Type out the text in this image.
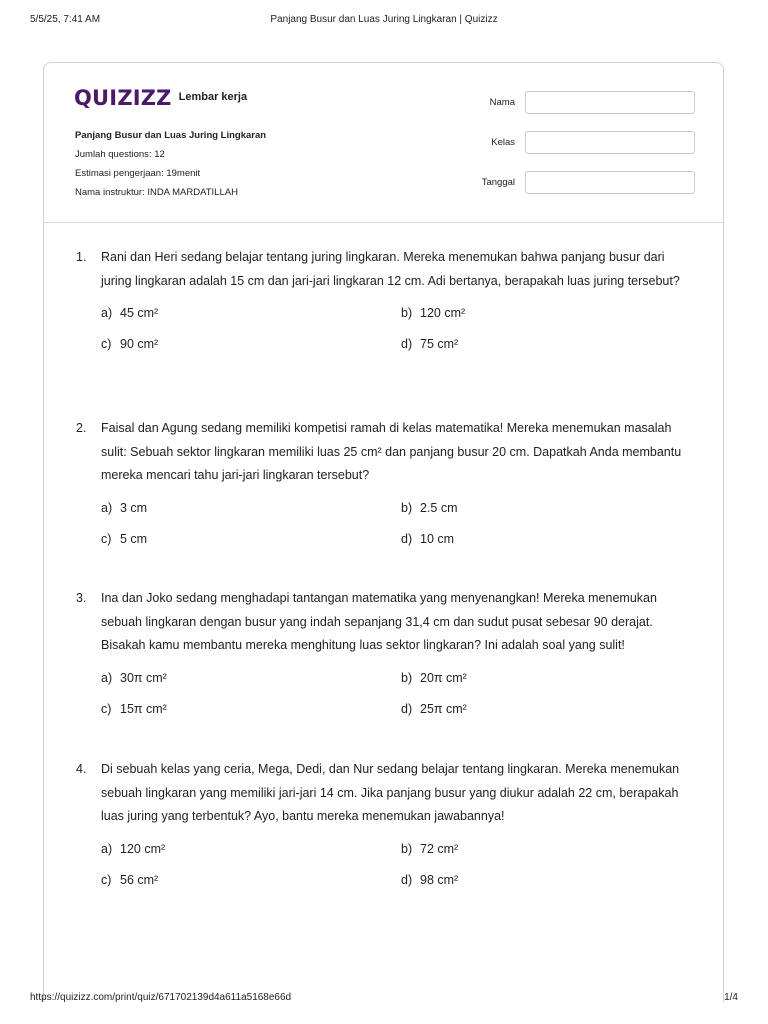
5/5/25, 7:41 AM	Panjang Busur dan Luas Juring Lingkaran | Quizizz
QUIZIZZ Lembar kerja
Panjang Busur dan Luas Juring Lingkaran
Jumlah questions: 12
Estimasi pengerjaan: 19menit
Nama instruktur: INDA MARDATILLAH
Nama
Kelas
Tanggal
1. Rani dan Heri sedang belajar tentang juring lingkaran. Mereka menemukan bahwa panjang busur dari juring lingkaran adalah 15 cm dan jari-jari lingkaran 12 cm. Adi bertanya, berapakah luas juring tersebut?
a) 45 cm²	b) 120 cm²
c) 90 cm²	d) 75 cm²
2. Faisal dan Agung sedang memiliki kompetisi ramah di kelas matematika! Mereka menemukan masalah sulit: Sebuah sektor lingkaran memiliki luas 25 cm² dan panjang busur 20 cm. Dapatkah Anda membantu mereka mencari tahu jari-jari lingkaran tersebut?
a) 3 cm	b) 2.5 cm
c) 5 cm	d) 10 cm
3. Ina dan Joko sedang menghadapi tantangan matematika yang menyenangkan! Mereka menemukan sebuah lingkaran dengan busur yang indah sepanjang 31,4 cm dan sudut pusat sebesar 90 derajat. Bisakah kamu membantu mereka menghitung luas sektor lingkaran? Ini adalah soal yang sulit!
a) 30π cm²	b) 20π cm²
c) 15π cm²	d) 25π cm²
4. Di sebuah kelas yang ceria, Mega, Dedi, dan Nur sedang belajar tentang lingkaran. Mereka menemukan sebuah lingkaran yang memiliki jari-jari 14 cm. Jika panjang busur yang diukur adalah 22 cm, berapakah luas juring yang terbentuk? Ayo, bantu mereka menemukan jawabannya!
a) 120 cm²	b) 72 cm²
c) 56 cm²	d) 98 cm²
https://quizizz.com/print/quiz/671702139d4a611a5168e66d	1/4
